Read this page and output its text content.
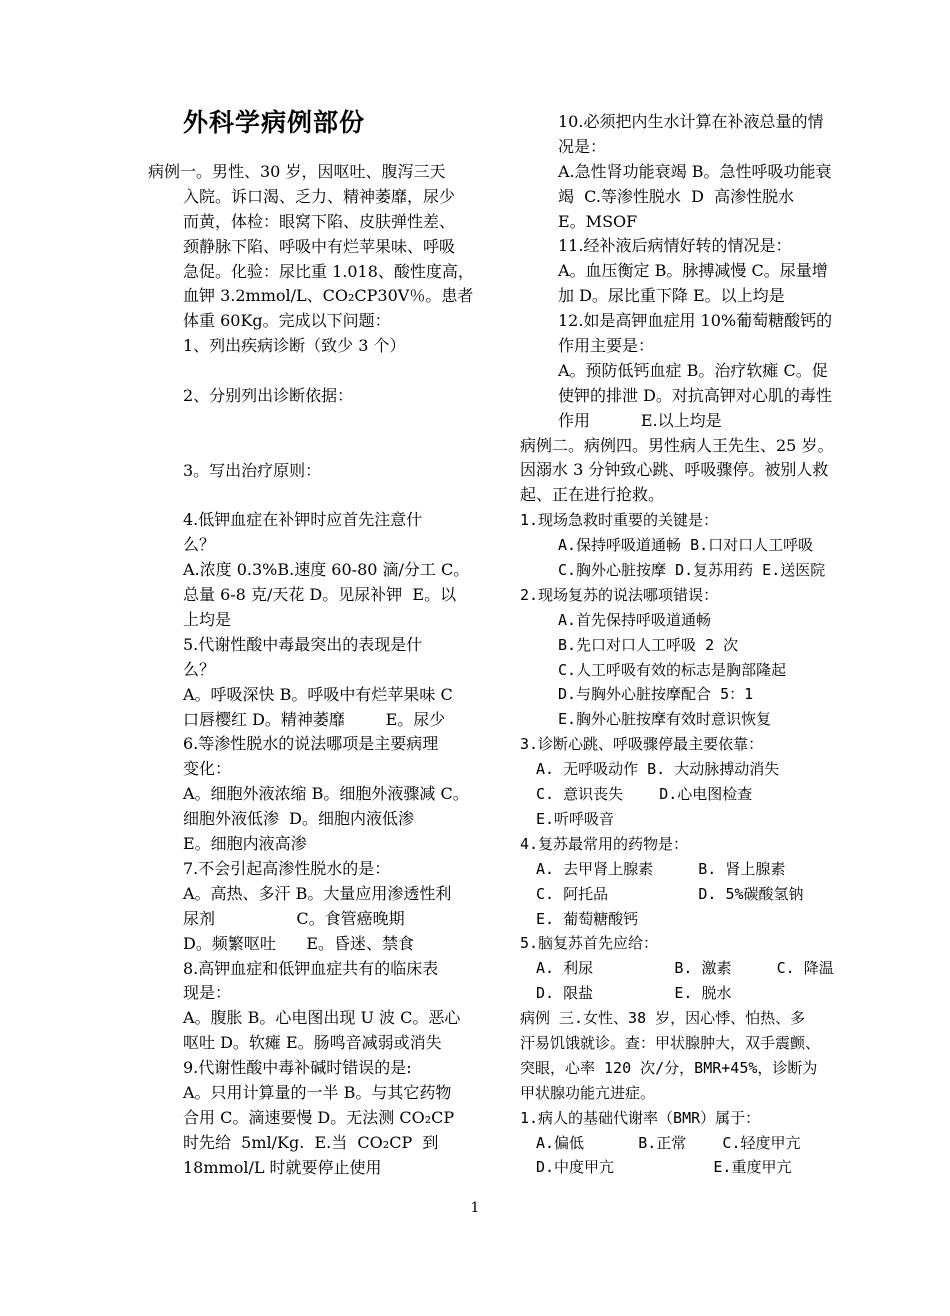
外科学病例部份
病例一。男性、30 岁，因呕吐、腹泻三天
入院。诉口渴、乏力、精神萎靡，尿少
而黄，体检：眼窝下陷、皮肤弹性差、
颈静脉下陷、呼吸中有烂苹果味、呼吸
急促。化验：尿比重 1.018、酸性度高，
血钾 3.2mmol/L、CO₂CP30V％。患者
体重 60Kg。完成以下问题：
1、列出疾病诊断（致少 3 个）
2、分别列出诊断依据：
3。写出治疗原则：
4.低钾血症在补钾时应首先注意什
么？
A.浓度 0.3%B.速度 60-80 滴/分工 C。
总量 6-8 克/天花 D。见尿补钾  E。以
上均是
5.代谢性酸中毒最突出的表现是什
么？
A。呼吸深快 B。呼吸中有烂苹果味 C
口唇樱红 D。精神萎靡        E。尿少
6.等渗性脱水的说法哪项是主要病理
变化：
A。细胞外液浓缩 B。细胞外液骤减 C。
细胞外液低渗  D。细胞内液低渗
E。细胞内液高渗
7.不会引起高渗性脱水的是：
A。高热、多汗 B。大量应用渗透性利
尿剂                C。食管癌晚期
D。频繁呕吐      E。昏迷、禁食
8.高钾血症和低钾血症共有的临床表
现是：
A。腹胀 B。心电图出现 U 波 C。恶心
呕吐 D。软瘫 E。肠鸣音减弱或消失
9.代谢性酸中毒补碱时错误的是:
A。只用计算量的一半 B。与其它药物
合用 C。滴速要慢 D。无法测 CO₂CP
时先给  5ml/Kg.  E.当  CO₂CP  到
18mmol/L 时就要停止使用
10.必须把内生水计算在补液总量的情
况是：
A.急性肾功能衰竭 B。急性呼吸功能衰
竭  C.等渗性脱水  D  高渗性脱水
E。MSOF
11.经补液后病情好转的情况是：
A。血压衡定 B。脉搏减慢 C。尿量增
加 D。尿比重下降 E。以上均是
12.如是高钾血症用 10%葡萄糖酸钙的
作用主要是：
A。预防低钙血症 B。治疗软瘫 C。促
使钾的排泄 D。对抗高钾对心肌的毒性
作用          E.以上均是
病例二。病例四。男性病人王先生、25 岁。
因溺水 3 分钟致心跳、呼吸骤停。被别人救
起、正在进行抢救。
1.现场急救时重要的关键是：
A.保持呼吸道通畅 B.口对口人工呼吸
C.胸外心脏按摩 D.复苏用药 E.送医院
2.现场复苏的说法哪项错误：
A.首先保持呼吸道通畅
B.先口对口人工呼吸 2 次
C.人工呼吸有效的标志是胸部隆起
D.与胸外心脏按摩配合 5：1
E.胸外心脏按摩有效时意识恢复
3.诊断心跳、呼吸骤停最主要依靠：
A. 无呼吸动作 B. 大动脉搏动消失
C. 意识丧失    D.心电图检查
E.听呼吸音
4.复苏最常用的药物是：
A. 去甲肾上腺素     B. 肾上腺素
C. 阿托品          D. 5%碳酸氢钠
E. 葡萄糖酸钙
5.脑复苏首先应给：
A. 利尿         B. 激素     C. 降温
D. 限盐         E. 脱水
病例 三.女性、38 岁，因心悸、怕热、多
汗易饥饿就诊。查：甲状腺肿大，双手震颤、
突眼，心率 120 次/分，BMR+45%，诊断为
甲状腺功能亢进症。
1.病人的基础代谢率（BMR）属于：
A.偏低      B.正常    C.轻度甲亢
D.中度甲亢           E.重度甲亢
1
